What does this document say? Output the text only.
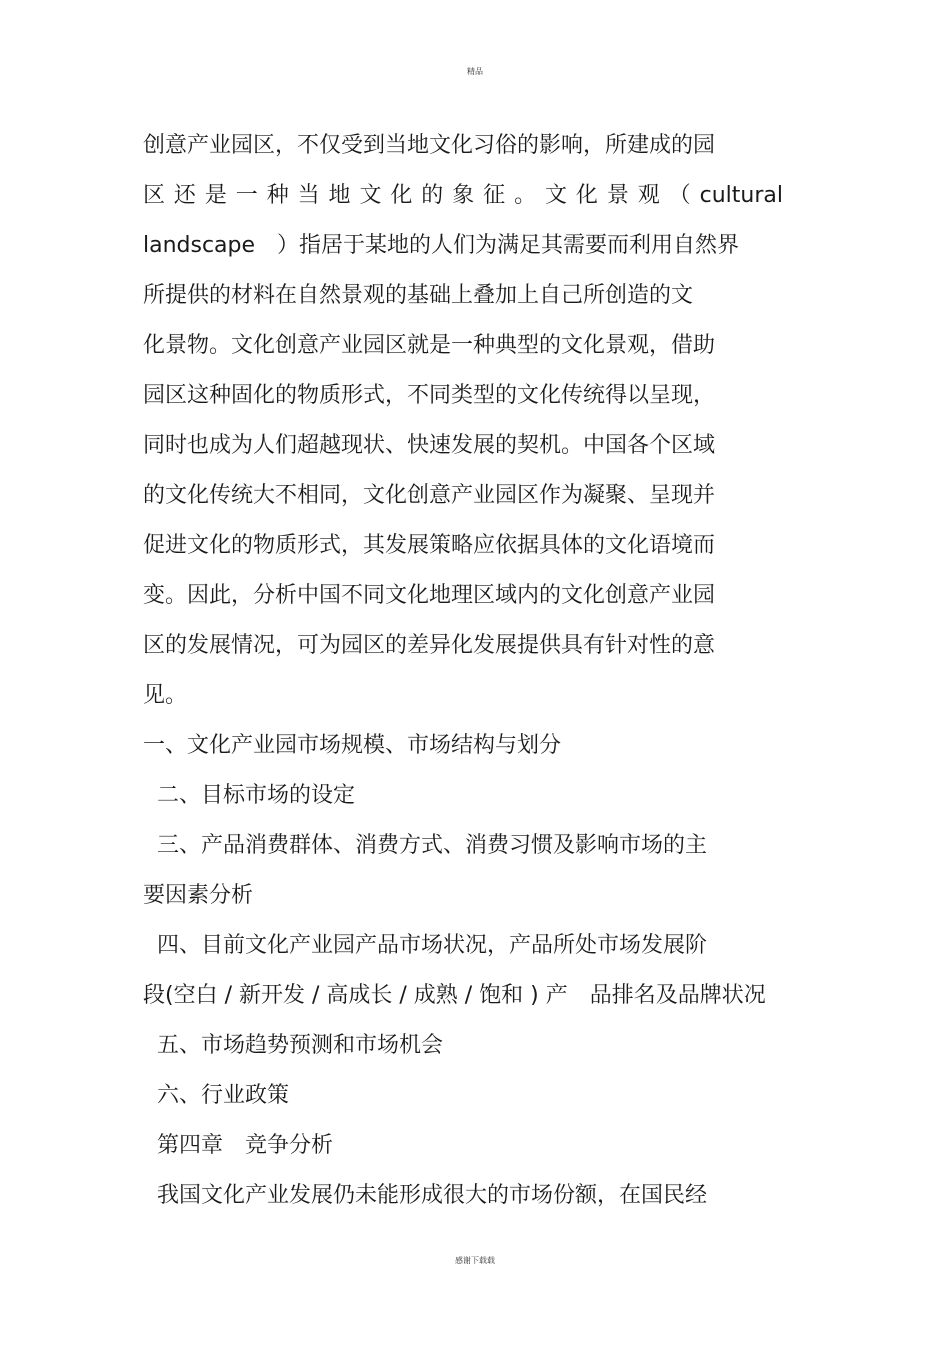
精品
创意产业园区，不仅受到当地文化习俗的影响，所建成的园
区 还 是 一 种 当 地 文 化 的 象 征 。 文 化 景 观 （ cultural
landscape　）指居于某地的人们为满足其需要而利用自然界
所提供的材料在自然景观的基础上叠加上自己所创造的文
化景物。文化创意产业园区就是一种典型的文化景观，借助
园区这种固化的物质形式，不同类型的文化传统得以呈现，
同时也成为人们超越现状、快速发展的契机。中国各个区域
的文化传统大不相同，文化创意产业园区作为凝聚、呈现并
促进文化的物质形式，其发展策略应依据具体的文化语境而
变。因此，分析中国不同文化地理区域内的文化创意产业园
区的发展情况，可为园区的差异化发展提供具有针对性的意
见。
一、文化产业园市场规模、市场结构与划分
二、目标市场的设定
三、产品消费群体、消费方式、消费习惯及影响市场的主
要因素分析
四、目前文化产业园产品市场状况，产品所处市场发展阶
段(空白 / 新开发 / 高成长 / 成熟 / 饱和 ) 产　品排名及品牌状况
五、市场趋势预测和市场机会
六、行业政策
第四章　竞争分析
我国文化产业发展仍未能形成很大的市场份额，在国民经
感谢下载载
